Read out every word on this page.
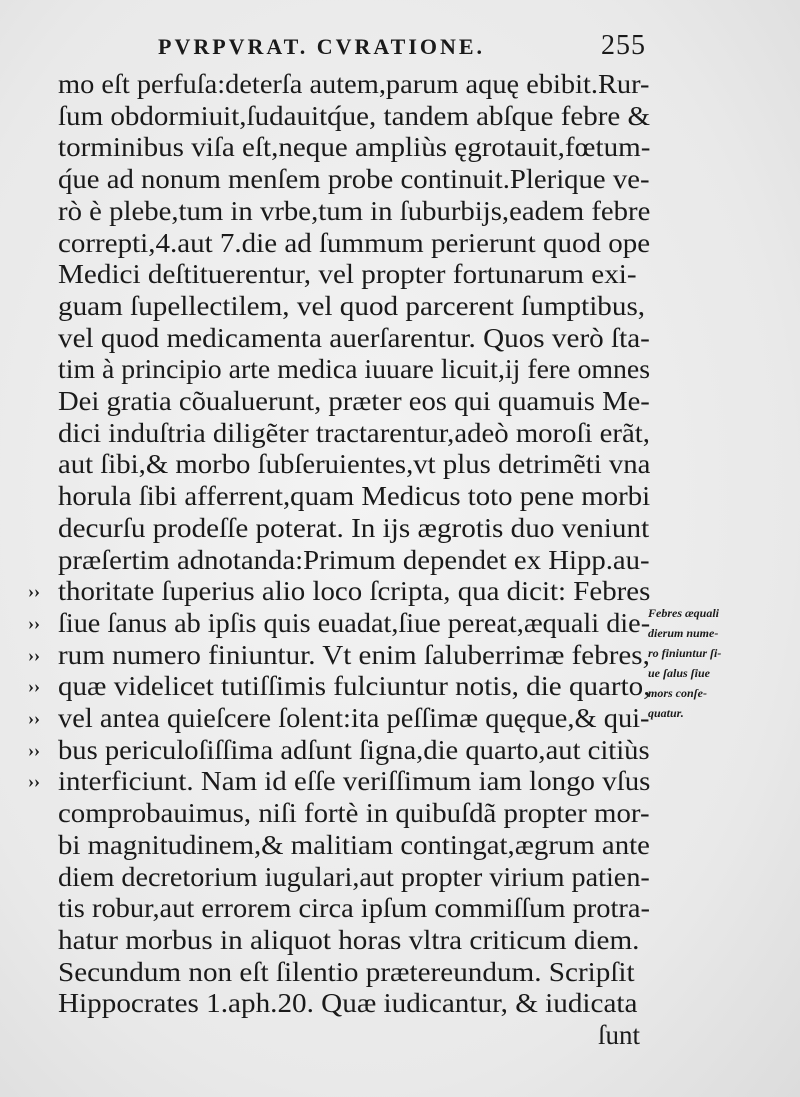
PVRPVRAT. CVRATIONE.	255
mo eſt perfuſa:deterſa autem,parum aquę ebibit.Rur-
ſum obdormiuit,ſudauitq́ue, tandem abſque febre &
torminibus viſa eſt,neque ampliùs ęgrotauit,fœtum-
q́ue ad nonum menſem probe continuit.Plerique ve-
rò è plebe,tum in vrbe,tum in ſuburbijs,eadem febre
correpti,4.aut 7.die ad ſummum perierunt quod ope
Medici deſtituerentur, vel propter fortunarum exi-
guam ſupellectilem, vel quod parcerent ſumptibus,
vel quod medicamenta auerſarentur. Quos verò ſta-
tim à principio arte medica iuuare licuit,ij fere omnes
Dei gratia cõualuerunt, præter eos qui quamuis Me-
dici induſtria diligẽter tractarentur,adeò moroſi erãt,
aut ſibi,& morbo ſubſeruientes,vt plus detrimẽti vna
horula ſibi afferrent,quam Medicus toto pene morbi
decurſu prodeſſe poterat. In ijs ægrotis duo veniunt
præſertim adnotanda:Primum dependet ex Hipp.au-
thoritate ſuperius alio loco ſcripta, qua dicit: Febres
ſiue ſanus ab ipſis quis euadat,ſiue pereat,æquali die-
rum numero finiuntur. Vt enim ſaluberrimæ febres,
quæ videlicet tutiſſimis fulciuntur notis, die quarto,
vel antea quieſcere ſolent:ita peſſimæ quęque,& qui-
bus periculoſiſſima adſunt ſigna,die quarto,aut citiùs
interficiunt. Nam id eſſe veriſſimum iam longo vſus
comprobauimus, niſi fortè in quibuſdã propter mor-
bi magnitudinem,& malitiam contingat,ægrum ante
diem decretorium iugulari,aut propter virium patien-
tis robur,aut errorem circa ipſum commiſſum protra-
hatur morbus in aliquot horas vltra criticum diem.
Secundum non eſt ſilentio prætereundum. Scripſit
Hippocrates 1.aph.20. Quæ iudicantur, & iudicata
ſunt
Febres æquali
dierum nume-
ro finiuntur ſi-
ue ſalus ſiue
mors conſe-
quatur.
››
››
››
››
››
››
››
